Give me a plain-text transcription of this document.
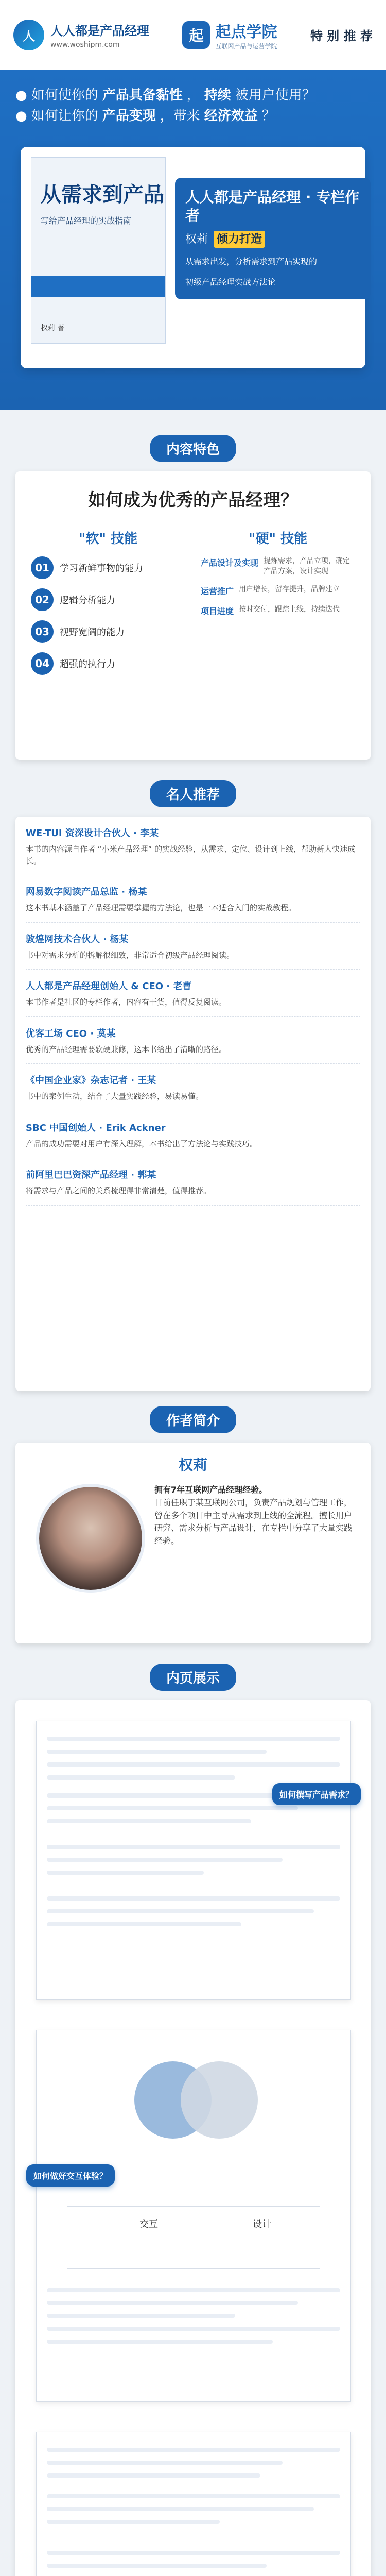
人	人人都是产品经理
www.woshipm.com
起 起点学院
互联网产品与运营学院
特 别 推 荐
● 如何使你的 产品具备黏性 ， 持续 被用户使用？
● 如何让你的 产品变现 ，带来 经济效益 ？
从需求到产品
写给产品经理的实战指南
权莉 著
人人都是产品经理 · 专栏作者
权莉 倾力打造
从需求出发，分析需求到产品实现的
初级产品经理实战方法论
内容特色
如何成为优秀的产品经理？
"软" 技能
01	学习新鲜事物的能力
02	逻辑分析能力
03	视野宽阔的能力
04	超强的执行力
"硬" 技能
产品设计及实现 提炼需求，产品立项，确定产品方案，设计实现
运营推广 用户增长，留存提升，品牌建立
项目进度 按时交付，跟踪上线，持续迭代
名人推荐
WE-TUI 资深设计合伙人 · 李某
本书的内容源自作者 “小米产品经理” 的实战经验，从需求、定位、设计到上线，帮助新人快速成长。
网易数字阅读产品总监 · 杨某
这本书基本涵盖了产品经理需要掌握的方法论，也是一本适合入门的实战教程。
敦煌网技术合伙人 · 杨某
书中对需求分析的拆解很细致，非常适合初级产品经理阅读。
人人都是产品经理创始人 & CEO · 老曹
本书作者是社区的专栏作者，内容有干货，值得反复阅读。
优客工场 CEO · 莫某
优秀的产品经理需要软硬兼修，这本书给出了清晰的路径。
《中国企业家》杂志记者 · 王某
书中的案例生动，结合了大量实践经验，易读易懂。
SBC 中国创始人 · Erik Ackner
产品的成功需要对用户有深入理解，本书给出了方法论与实践技巧。
前阿里巴巴资深产品经理 · 郭某
将需求与产品之间的关系梳理得非常清楚，值得推荐。
作者简介
权莉
拥有7年互联网产品经理经验。
目前任职于某互联网公司，负责产品规划与管理工作，曾在多个项目中主导从需求到上线的全流程。擅长用户研究、需求分析与产品设计，在专栏中分享了大量实践经验。
内页展示
如何撰写产品需求？
如何做好交互体验？
交互	设计
